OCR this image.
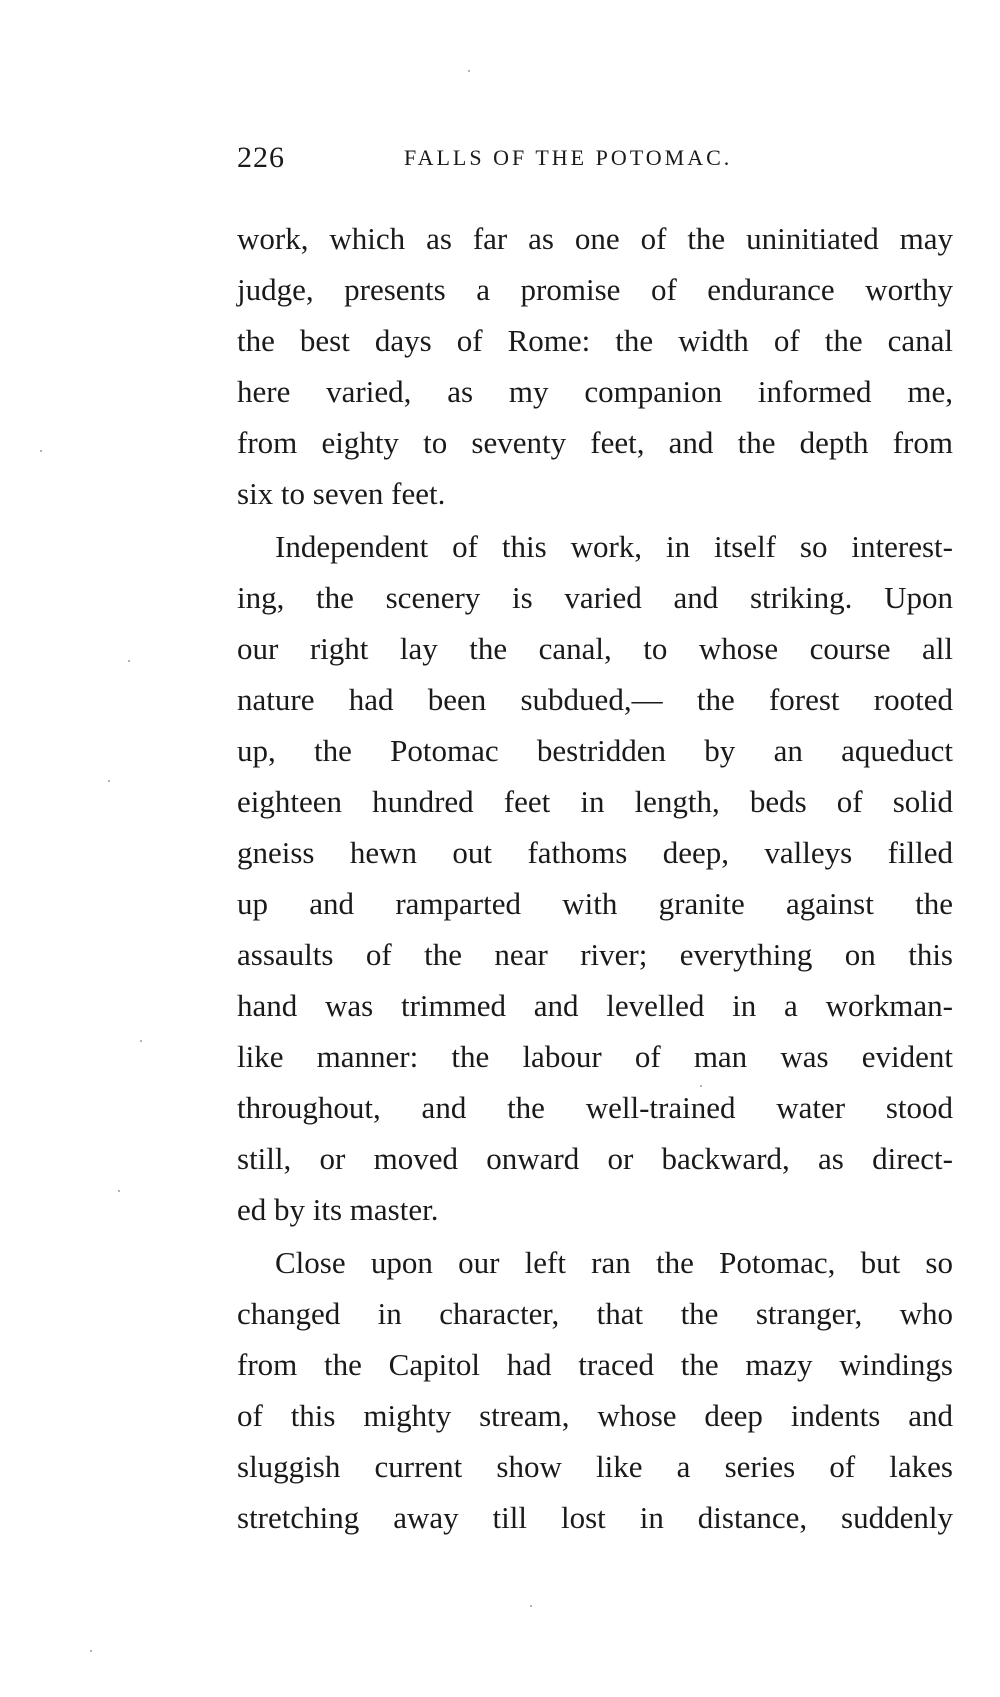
226	FALLS OF THE POTOMAC.
work, which as far as one of the uninitiated may
judge, presents a promise of endurance worthy
the best days of Rome: the width of the canal
here varied, as my companion informed me,
from eighty to seventy feet, and the depth from
six to seven feet.
Independent of this work, in itself so interest-
ing, the scenery is varied and striking. Upon
our right lay the canal, to whose course all
nature had been subdued,— the forest rooted
up, the Potomac bestridden by an aqueduct
eighteen hundred feet in length, beds of solid
gneiss hewn out fathoms deep, valleys filled
up and ramparted with granite against the
assaults of the near river; everything on this
hand was trimmed and levelled in a workman-
like manner: the labour of man was evident
throughout, and the well-trained water stood
still, or moved onward or backward, as direct-
ed by its master.
Close upon our left ran the Potomac, but so
changed in character, that the stranger, who
from the Capitol had traced the mazy windings
of this mighty stream, whose deep indents and
sluggish current show like a series of lakes
stretching away till lost in distance, suddenly
